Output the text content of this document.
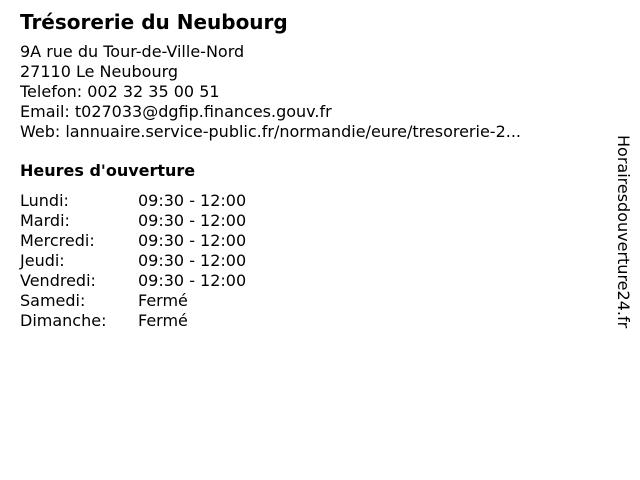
Trésorerie du Neubourg
9A rue du Tour-de-Ville-Nord
27110 Le Neubourg
Telefon: 002 32 35 00 51
Email: t027033@dgfip.finances.gouv.fr
Web: lannuaire.service-public.fr/normandie/eure/tresorerie-2...
Heures d'ouverture
Lundi:	09:30 - 12:00
Mardi:	09:30 - 12:00
Mercredi:	09:30 - 12:00
Jeudi:	09:30 - 12:00
Vendredi:	09:30 - 12:00
Samedi:	Fermé
Dimanche:	Fermé	Horairesdouverture24.fr
